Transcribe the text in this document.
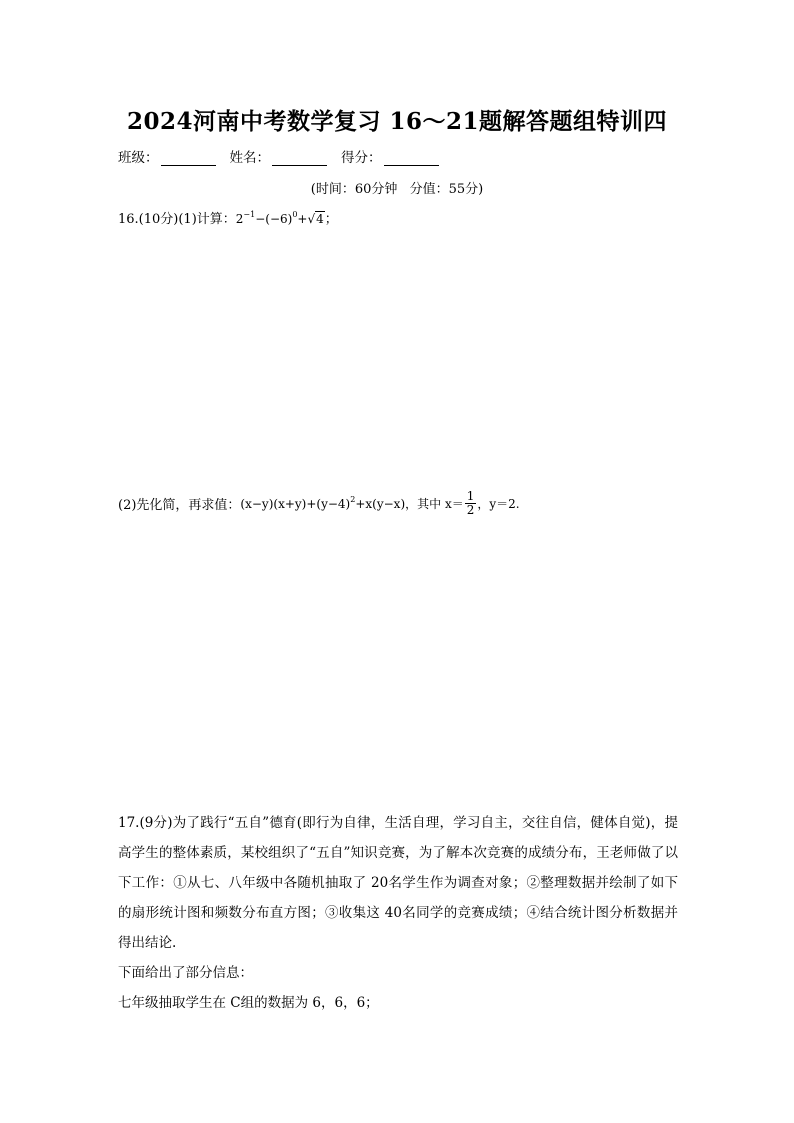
2024河南中考数学复习 16～21题解答题组特训四
班级：	姓名：	得分：
(时间：60分钟 分值：55分)
16.(10分)(1)计算：$2^{-1}-(-6)^0+√4$；
(2)先化简，再求值： $(x-y)(x+y)+(y-4)^2+x(y-x)$，其中 $x= \frac{1}{2}$ ，y＝2.

17.(9分)为了践行“五自”德育(即行为自律，生活自理，学习自主，交往自信，健体自觉)，提高学生的整体素质，某校组织了“五自”知识竞赛，为了解本次竞赛的成绩分布，王老师做了以下工作：①从七、八年级中各随机抽取了 20名学生作为调查对象；②整理数据并绘制了如下的扇形统计图和频数分布直方图；③收集这 40名同学的竞赛成绩；④结合统计图分析数据并得出结论.

下面给出了部分信息：

七年级抽取学生在 C组的数据为 6，6，6；
